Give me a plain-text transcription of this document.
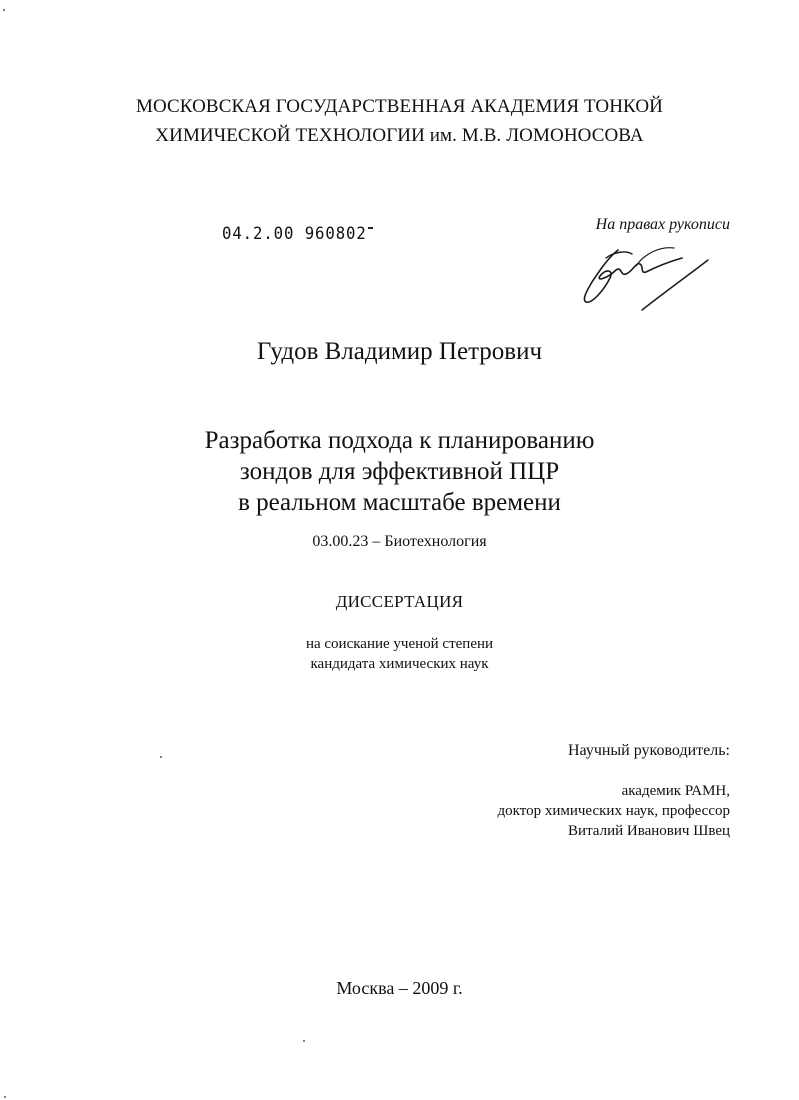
МОСКОВСКАЯ ГОСУДАРСТВЕННАЯ АКАДЕМИЯ ТОНКОЙ
ХИМИЧЕСКОЙ ТЕХНОЛОГИИ им. М.В. ЛОМОНОСОВА
04.2.00 960802	На правах рукописи
Гудов Владимир Петрович
Разработка подхода к планированию
зондов для эффективной ПЦР
в реальном масштабе времени
03.00.23 – Биотехнология
ДИССЕРТАЦИЯ
на соискание ученой степени
кандидата химических наук
Научный руководитель:
академик РАМН,
доктор химических наук, профессор
Виталий Иванович Швец
Москва – 2009 г.
